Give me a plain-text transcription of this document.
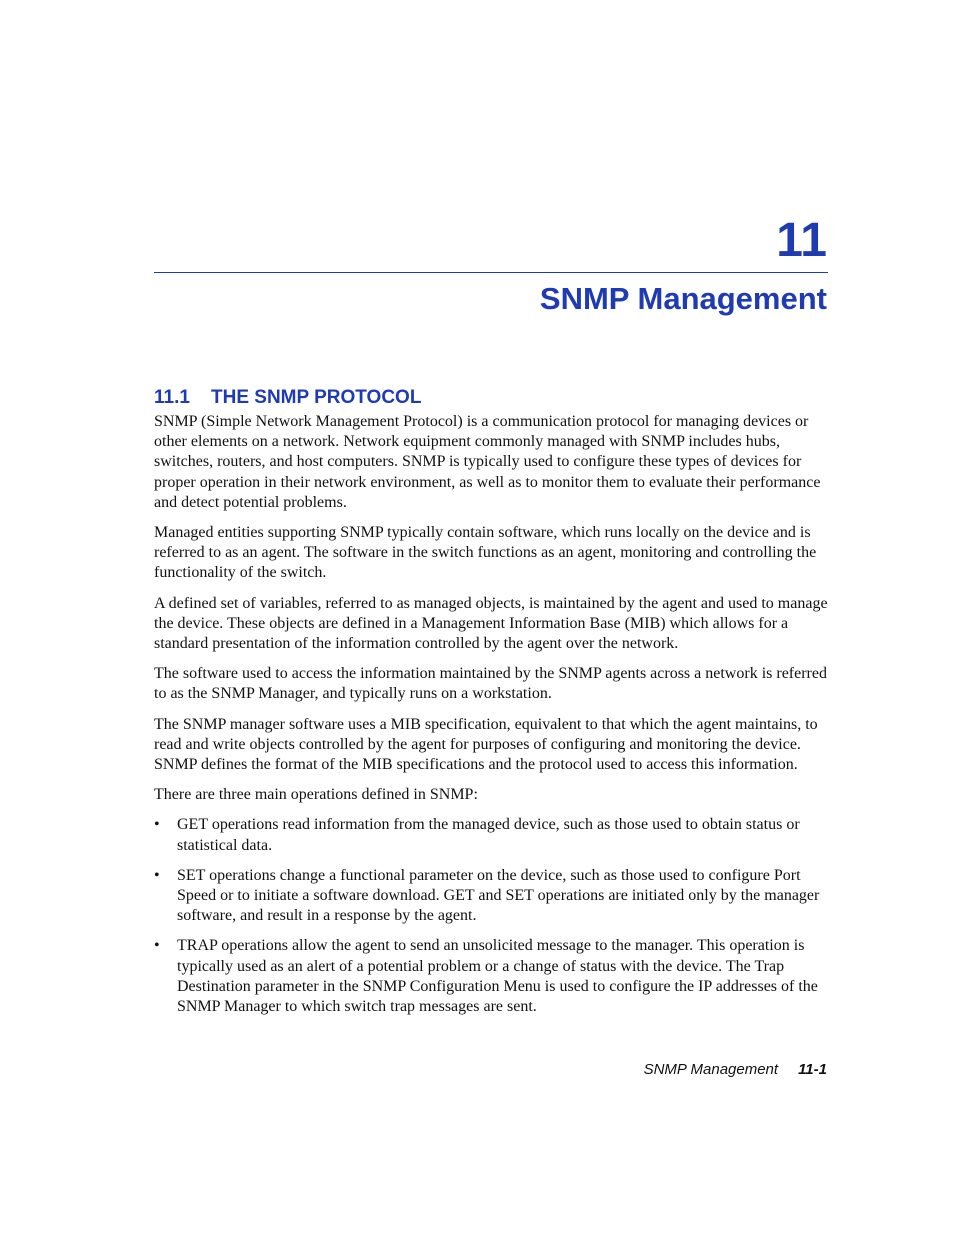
11
SNMP Management
11.1 THE SNMP PROTOCOL

SNMP (Simple Network Management Protocol) is a communication protocol for managing devices or other elements on a network. Network equipment commonly managed with SNMP includes hubs, switches, routers, and host computers. SNMP is typically used to configure these types of devices for proper operation in their network environment, as well as to monitor them to evaluate their performance and detect potential problems.

Managed entities supporting SNMP typically contain software, which runs locally on the device and is referred to as an agent. The software in the switch functions as an agent, monitoring and controlling the functionality of the switch.

A defined set of variables, referred to as managed objects, is maintained by the agent and used to manage the device. These objects are defined in a Management Information Base (MIB) which allows for a standard presentation of the information controlled by the agent over the network.

The software used to access the information maintained by the SNMP agents across a network is referred to as the SNMP Manager, and typically runs on a workstation.

The SNMP manager software uses a MIB specification, equivalent to that which the agent maintains, to read and write objects controlled by the agent for purposes of configuring and monitoring the device. SNMP defines the format of the MIB specifications and the protocol used to access this information.

There are three main operations defined in SNMP:

• GET operations read information from the managed device, such as those used to obtain status or statistical data.
• SET operations change a functional parameter on the device, such as those used to configure Port Speed or to initiate a software download. GET and SET operations are initiated only by the manager software, and result in a response by the agent.
• TRAP operations allow the agent to send an unsolicited message to the manager. This operation is typically used as an alert of a potential problem or a change of status with the device. The Trap Destination parameter in the SNMP Configuration Menu is used to configure the IP addresses of the SNMP Manager to which switch trap messages are sent.
SNMP Management 11-1
